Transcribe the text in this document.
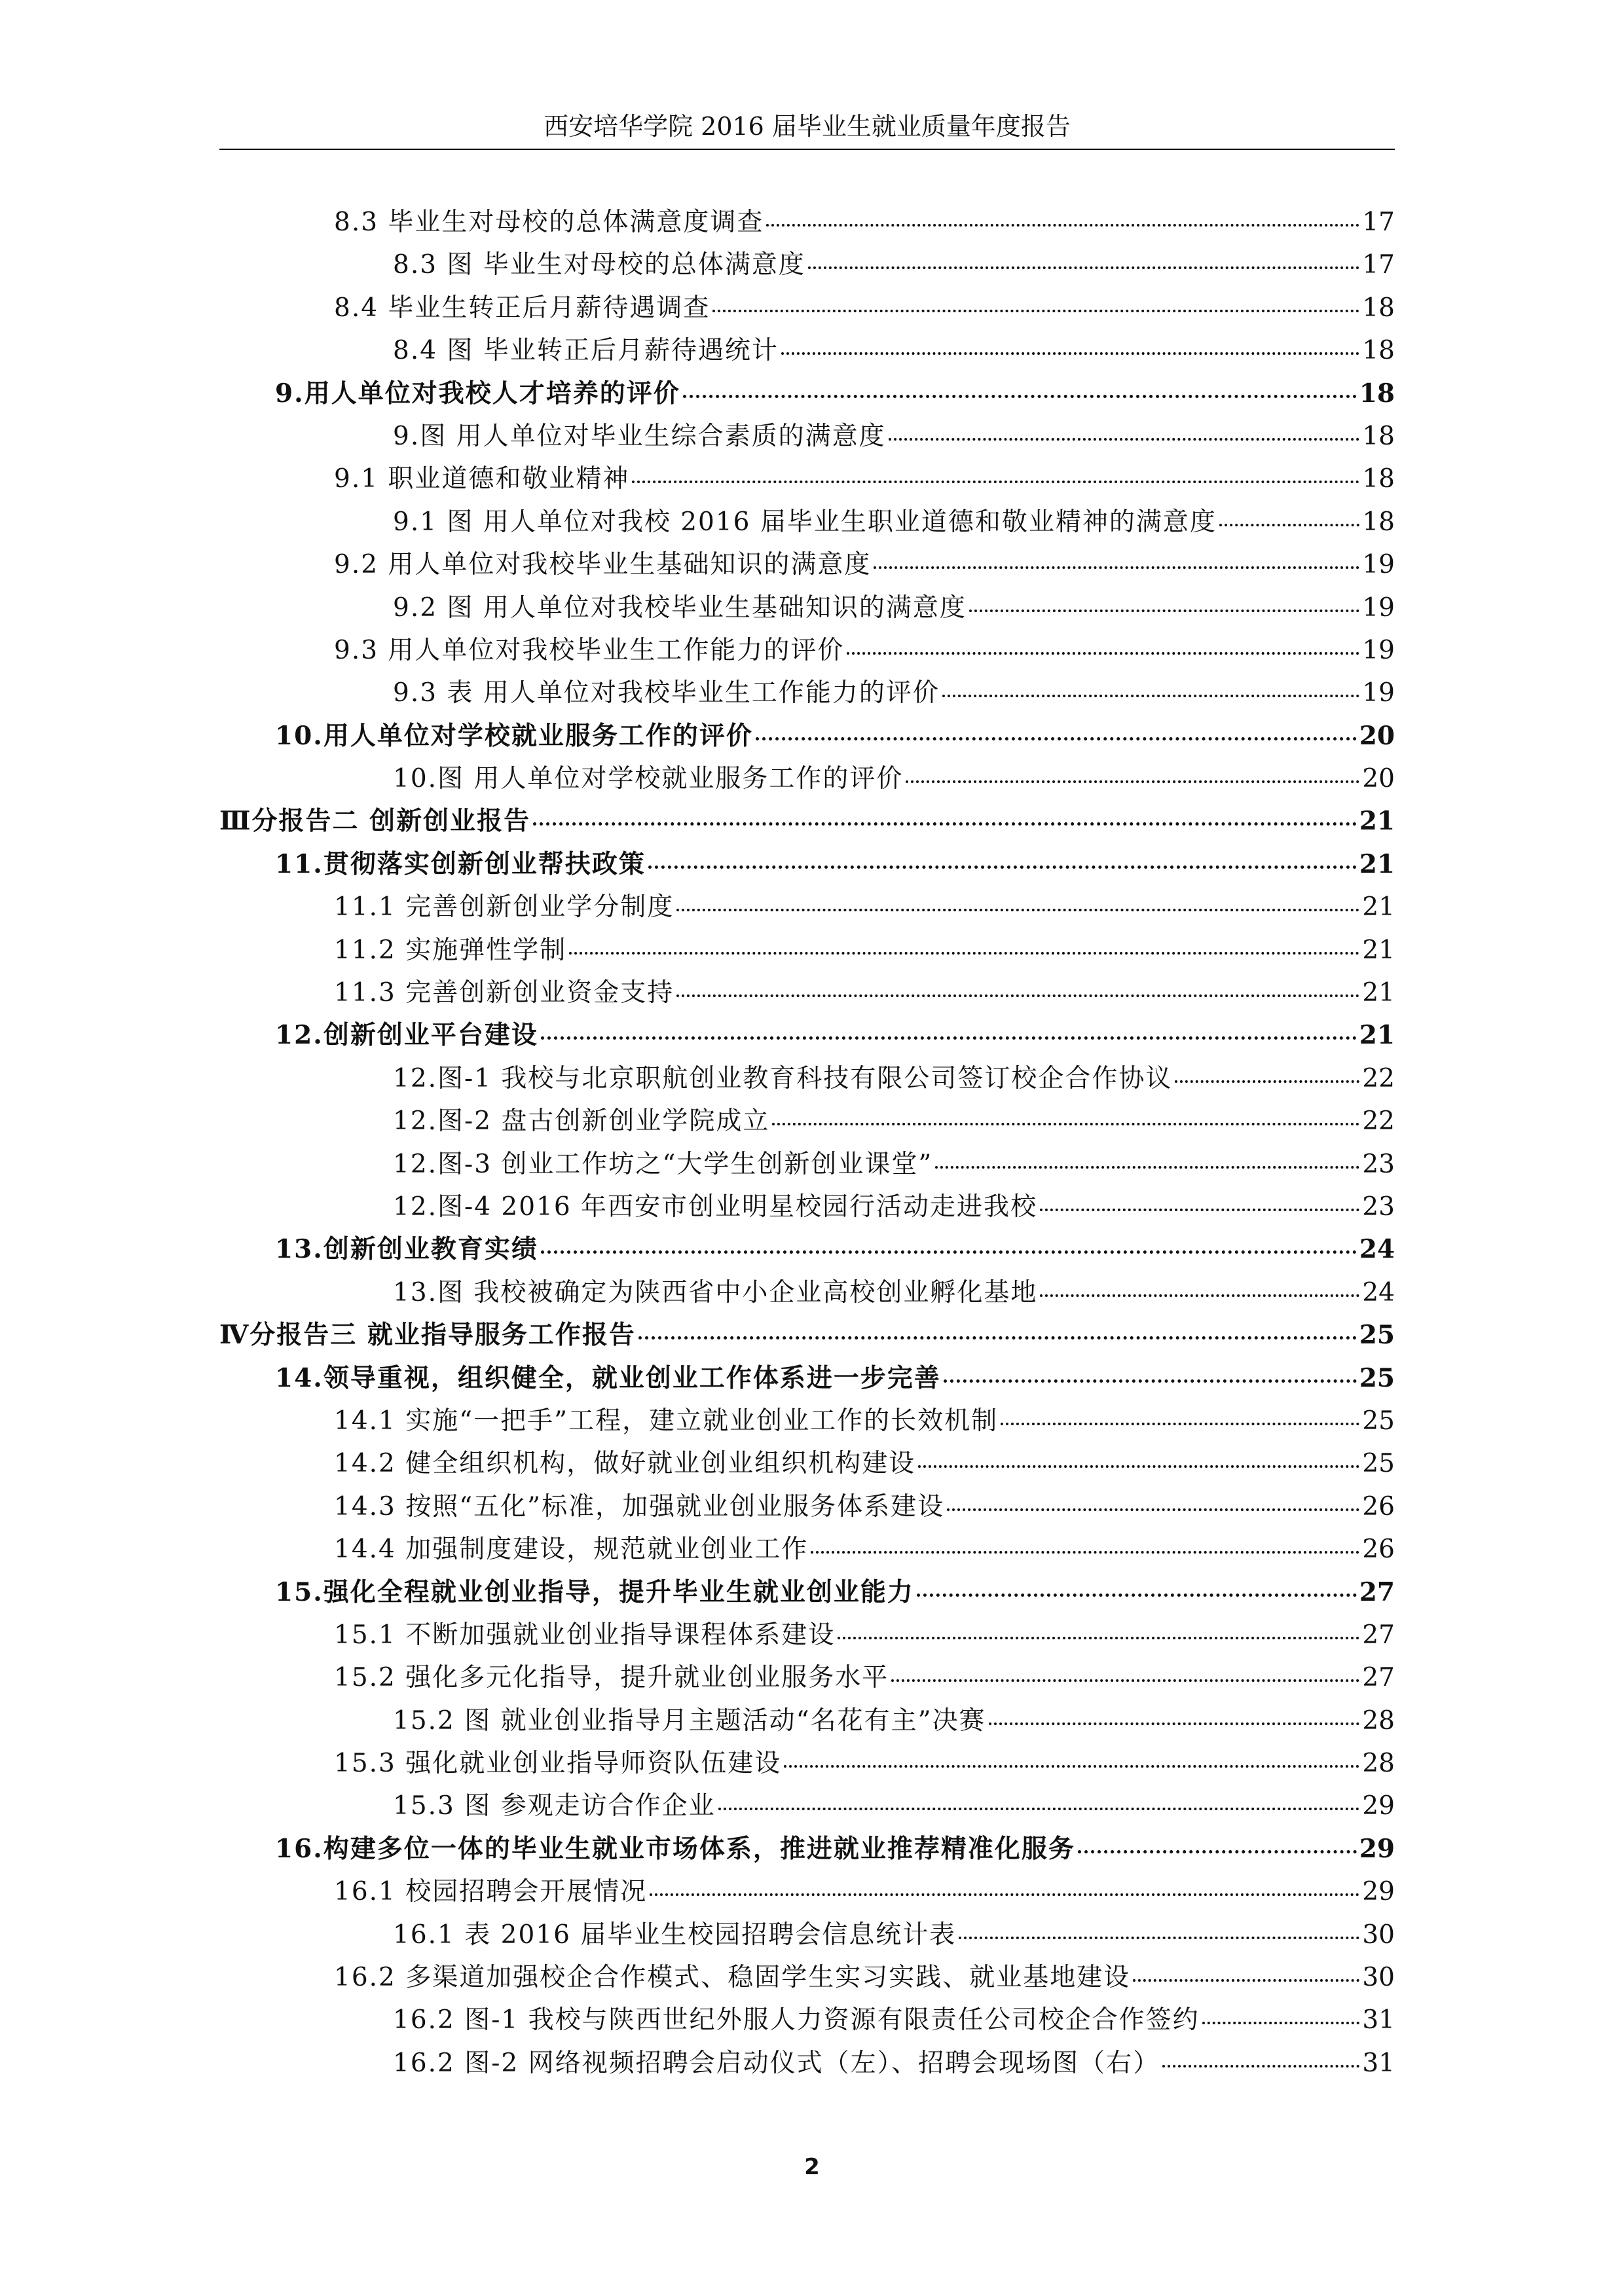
西安培华学院 2016 届毕业生就业质量年度报告
8.3 毕业生对母校的总体满意度调查	17
8.3 图 毕业生对母校的总体满意度	17
8.4 毕业生转正后月薪待遇调查	18
8.4 图 毕业转正后月薪待遇统计	18
9.用人单位对我校人才培养的评价	18
9.图 用人单位对毕业生综合素质的满意度	18
9.1 职业道德和敬业精神	18
9.1 图 用人单位对我校 2016 届毕业生职业道德和敬业精神的满意度	18
9.2 用人单位对我校毕业生基础知识的满意度	19
9.2 图 用人单位对我校毕业生基础知识的满意度	19
9.3 用人单位对我校毕业生工作能力的评价	19
9.3 表 用人单位对我校毕业生工作能力的评价	19
10.用人单位对学校就业服务工作的评价	20
10.图 用人单位对学校就业服务工作的评价	20
Ⅲ分报告二 创新创业报告	21
11.贯彻落实创新创业帮扶政策	21
11.1 完善创新创业学分制度	21
11.2 实施弹性学制	21
11.3 完善创新创业资金支持	21
12.创新创业平台建设	21
12.图-1 我校与北京职航创业教育科技有限公司签订校企合作协议	22
12.图-2 盘古创新创业学院成立	22
12.图-3 创业工作坊之“大学生创新创业课堂”	23
12.图-4 2016 年西安市创业明星校园行活动走进我校	23
13.创新创业教育实绩	24
13.图 我校被确定为陕西省中小企业高校创业孵化基地	24
Ⅳ分报告三 就业指导服务工作报告	25
14.领导重视，组织健全，就业创业工作体系进一步完善	25
14.1 实施“一把手”工程，建立就业创业工作的长效机制	25
14.2 健全组织机构，做好就业创业组织机构建设	25
14.3 按照“五化”标准，加强就业创业服务体系建设	26
14.4 加强制度建设，规范就业创业工作	26
15.强化全程就业创业指导，提升毕业生就业创业能力	27
15.1 不断加强就业创业指导课程体系建设	27
15.2 强化多元化指导，提升就业创业服务水平	27
15.2 图 就业创业指导月主题活动“名花有主”决赛	28
15.3 强化就业创业指导师资队伍建设	28
15.3 图 参观走访合作企业	29
16.构建多位一体的毕业生就业市场体系，推进就业推荐精准化服务	29
16.1 校园招聘会开展情况	29
16.1 表 2016 届毕业生校园招聘会信息统计表	30
16.2 多渠道加强校企合作模式、稳固学生实习实践、就业基地建设	30
16.2 图-1 我校与陕西世纪外服人力资源有限责任公司校企合作签约	31
16.2 图-2 网络视频招聘会启动仪式（左）、招聘会现场图（右）	31
2
